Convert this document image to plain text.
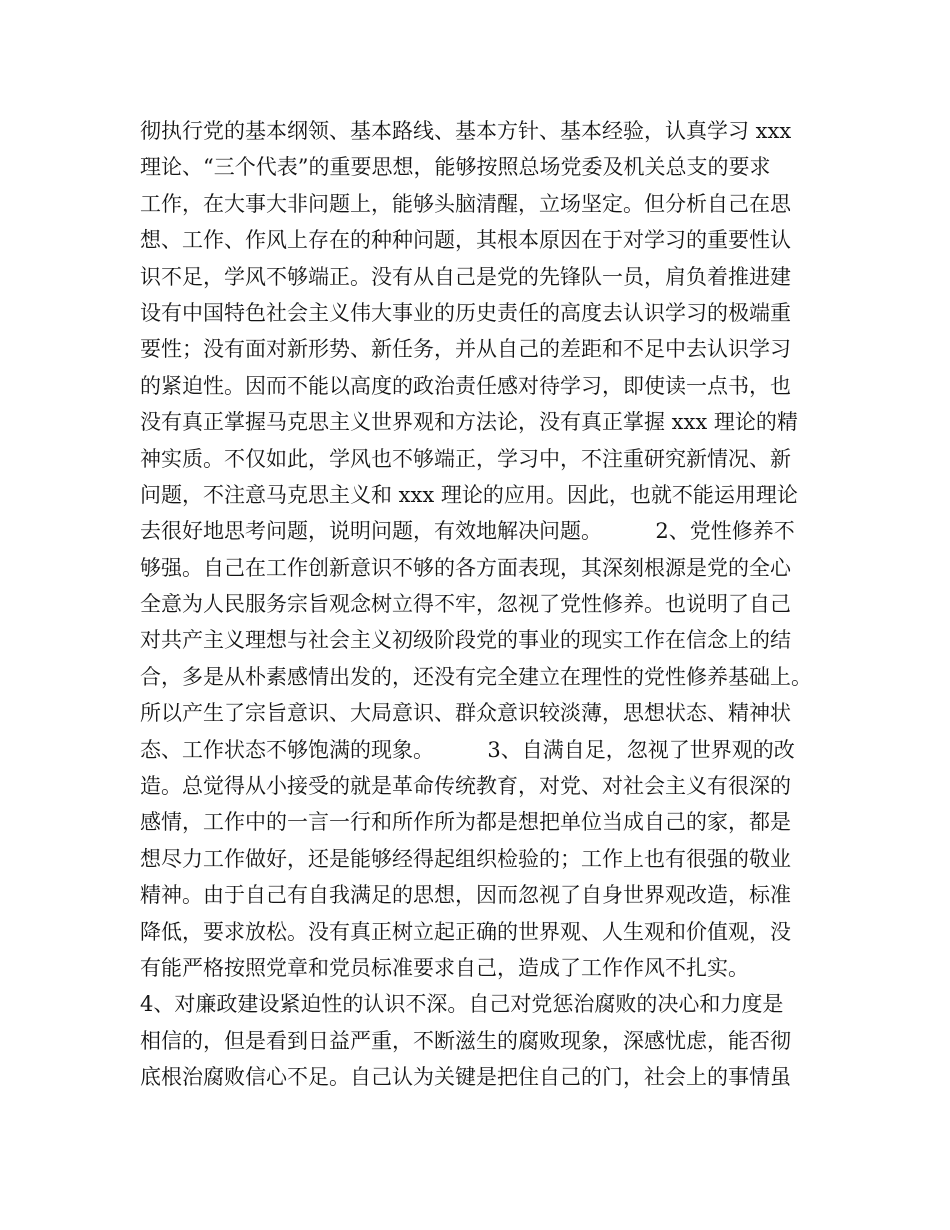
彻执行党的基本纲领、基本路线、基本方针、基本经验，认真学习 xxx
理论、“三个代表”的重要思想，能够按照总场党委及机关总支的要求
工作，在大事大非问题上，能够头脑清醒，立场坚定。但分析自己在思
想、工作、作风上存在的种种问题，其根本原因在于对学习的重要性认
识不足，学风不够端正。没有从自己是党的先锋队一员，肩负着推进建
设有中国特色社会主义伟大事业的历史责任的高度去认识学习的极端重
要性；没有面对新形势、新任务，并从自己的差距和不足中去认识学习
的紧迫性。因而不能以高度的政治责任感对待学习，即使读一点书，也
没有真正掌握马克思主义世界观和方法论，没有真正掌握 xxx 理论的精
神实质。不仅如此，学风也不够端正，学习中，不注重研究新情况、新
问题，不注意马克思主义和 xxx 理论的应用。因此，也就不能运用理论
去很好地思考问题，说明问题，有效地解决问题。        2、党性修养不
够强。自己在工作创新意识不够的各方面表现，其深刻根源是党的全心
全意为人民服务宗旨观念树立得不牢，忽视了党性修养。也说明了自己
对共产主义理想与社会主义初级阶段党的事业的现实工作在信念上的结
合，多是从朴素感情出发的，还没有完全建立在理性的党性修养基础上。
所以产生了宗旨意识、大局意识、群众意识较淡薄，思想状态、精神状
态、工作状态不够饱满的现象。        3、自满自足，忽视了世界观的改
造。总觉得从小接受的就是革命传统教育，对党、对社会主义有很深的
感情，工作中的一言一行和所作所为都是想把单位当成自己的家，都是
想尽力工作做好，还是能够经得起组织检验的；工作上也有很强的敬业
精神。由于自己有自我满足的思想，因而忽视了自身世界观改造，标准
降低，要求放松。没有真正树立起正确的世界观、人生观和价值观，没
有能严格按照党章和党员标准要求自己，造成了工作作风不扎实。
4、对廉政建设紧迫性的认识不深。自己对党惩治腐败的决心和力度是
相信的，但是看到日益严重，不断滋生的腐败现象，深感忧虑，能否彻
底根治腐败信心不足。自己认为关键是把住自己的门，社会上的事情虽
